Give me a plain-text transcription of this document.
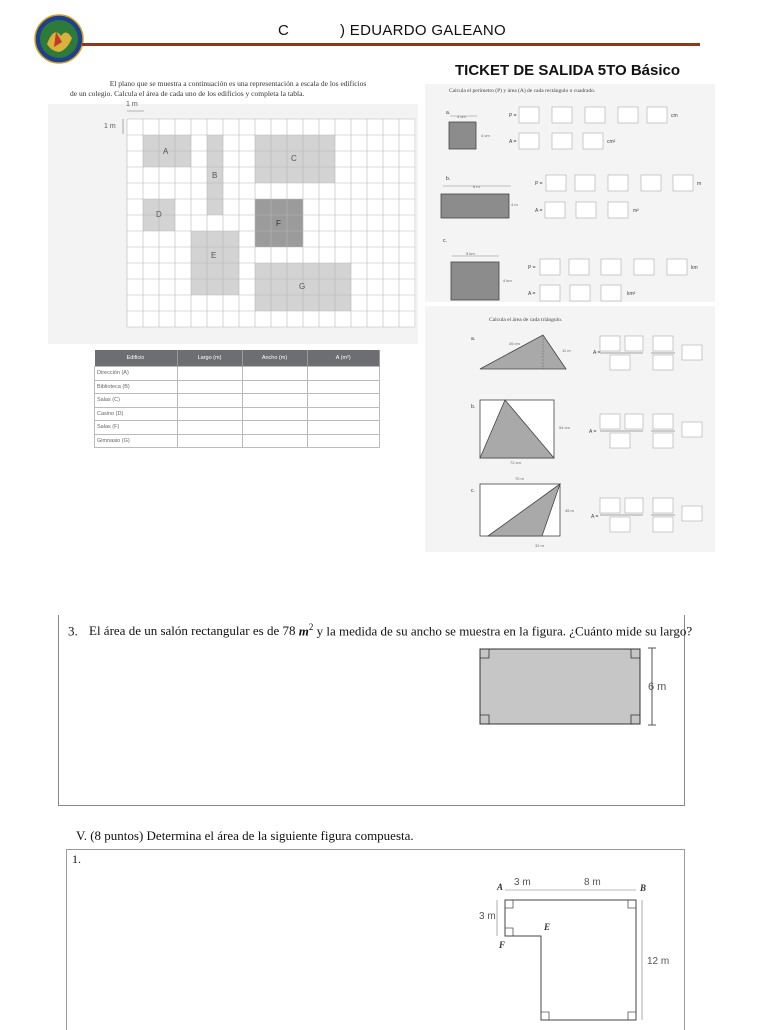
C	) EDUARDO GALEANO
TICKET DE SALIDA 5TO Básico
El plano que se muestra a continuación es una representación a escala de los edificios
de un colegio. Calcula el área de cada uno de los edificios y completa la tabla.
1 m
1 m
A
B
C
D
E
F
G
Edificio	Largo (m)	Ancho (m)	A (m²)
Dirección (A)			
Biblioteca (B)			
Salas (C)			
Casino (D)			
Salas (F)			
Gimnasio (G)			
Calcula el perímetro (P) y área (A) de cada rectángulo o cuadrado.
a.
4 cm
4 cm
P =	cm
A =	cm²
b.
6 m
4 m
P =	m
A =	m²
c.
5 km
4 km
P =	km
A =	km²
Calcula el área de cada triángulo.
a.
26 cm
11 m	A =
b.
54 cm
72 cm
A =
c.
70 m
45 m
32 m
A =
3. El área de un salón rectangular es de 78 $m^2$ y la medida de su ancho se muestra en la figura. ¿Cuánto mide su largo?
6 m
V. (8 puntos) Determina el área de la siguiente figura compuesta.
1.
3 m	8 m
3 m
12 m
A	B
E
F
